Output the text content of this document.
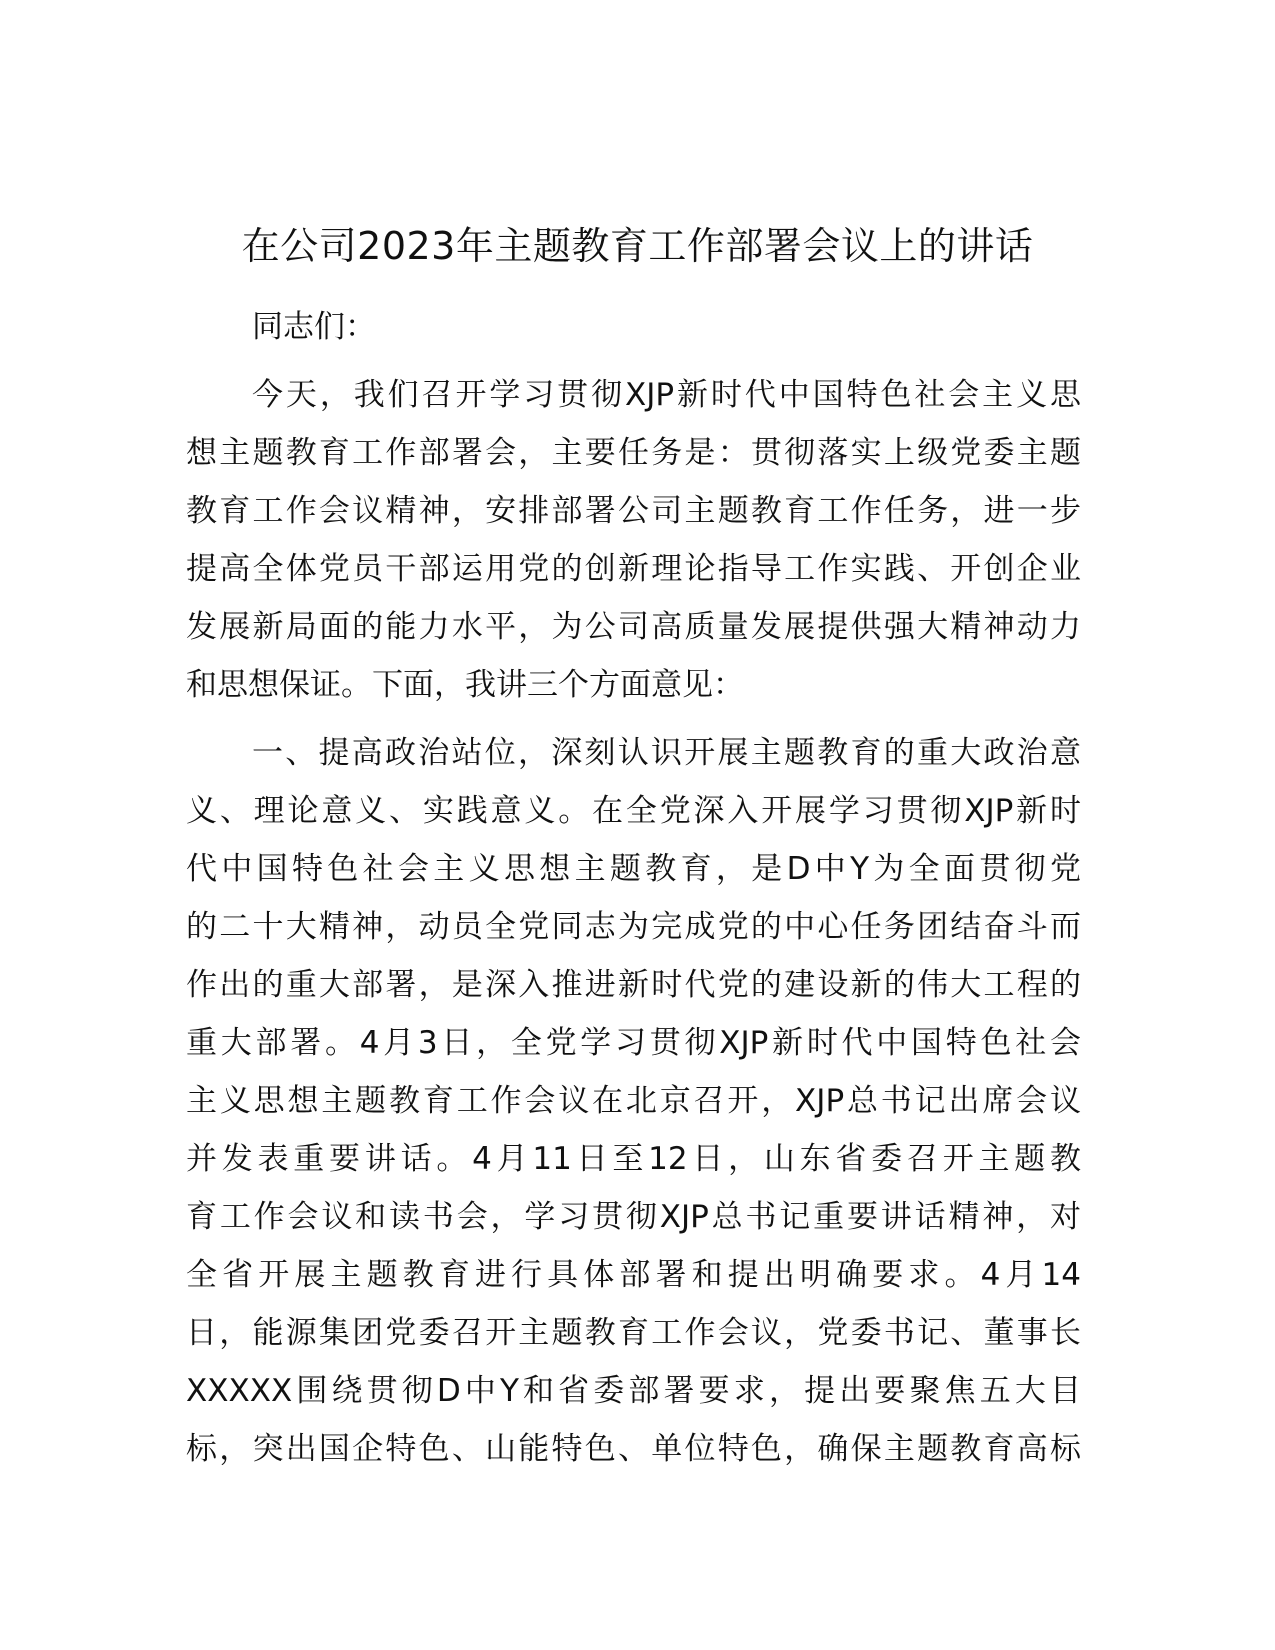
在公司2023年主题教育工作部署会议上的讲话
同志们：
今天，我们召开学习贯彻XJP新时代中国特色社会主义思
想主题教育工作部署会，主要任务是：贯彻落实上级党委主题
教育工作会议精神，安排部署公司主题教育工作任务，进一步
提高全体党员干部运用党的创新理论指导工作实践、开创企业
发展新局面的能力水平，为公司高质量发展提供强大精神动力
和思想保证。下面，我讲三个方面意见：
一、提高政治站位，深刻认识开展主题教育的重大政治意
义、理论意义、实践意义。在全党深入开展学习贯彻XJP新时
代中国特色社会主义思想主题教育，是D中Y为全面贯彻党
的二十大精神，动员全党同志为完成党的中心任务团结奋斗而
作出的重大部署，是深入推进新时代党的建设新的伟大工程的
重大部署。4月3日，全党学习贯彻XJP新时代中国特色社会
主义思想主题教育工作会议在北京召开，XJP总书记出席会议
并发表重要讲话。4月11日至12日，山东省委召开主题教
育工作会议和读书会，学习贯彻XJP总书记重要讲话精神，对
全省开展主题教育进行具体部署和提出明确要求。4月14
日，能源集团党委召开主题教育工作会议，党委书记、董事长
XXXXX围绕贯彻D中Y和省委部署要求，提出要聚焦五大目
标，突出国企特色、山能特色、单位特色，确保主题教育高标
